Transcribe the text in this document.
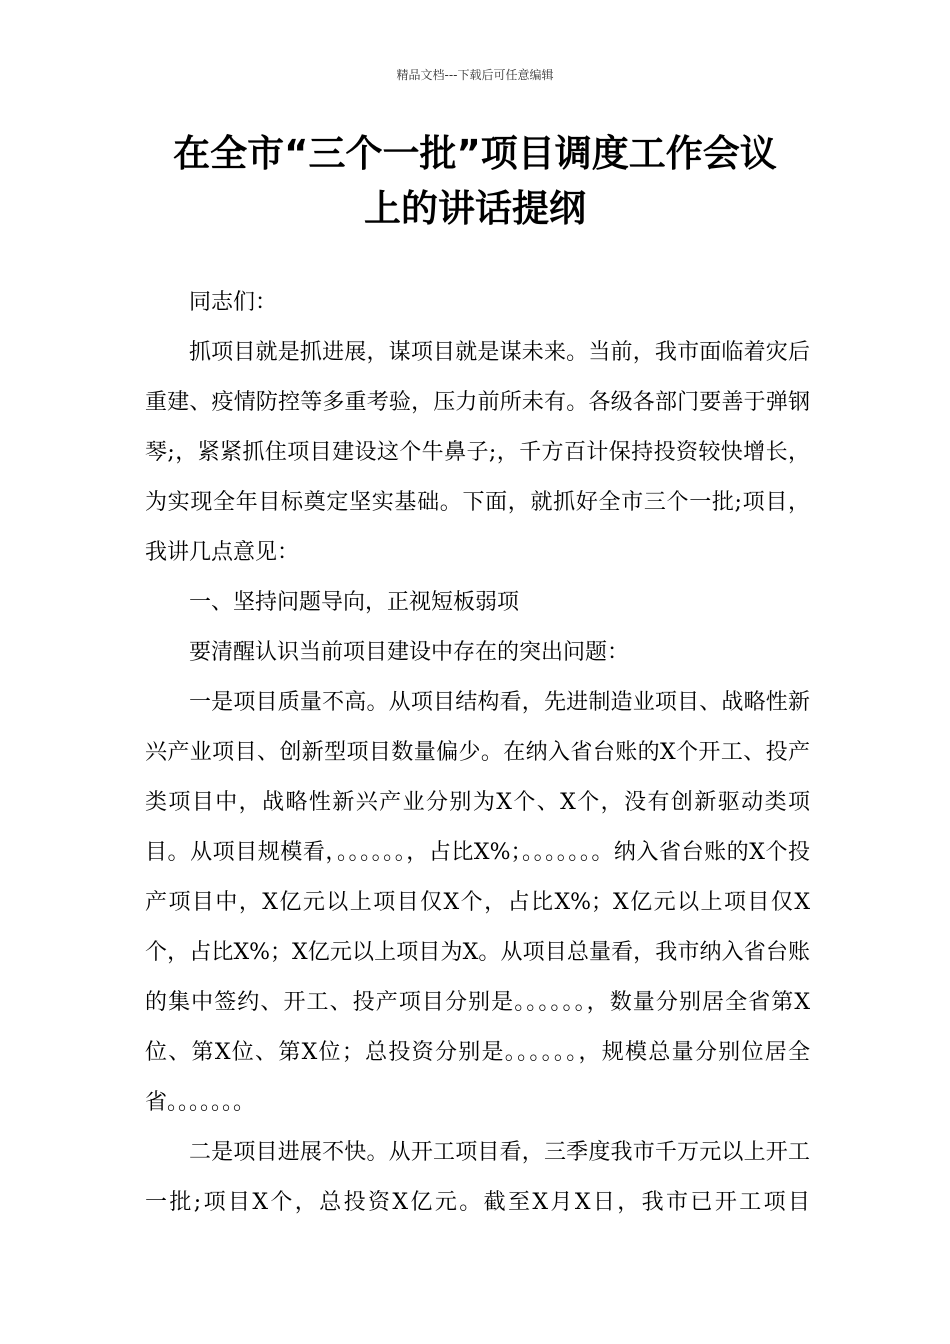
精品文档---下载后可任意编辑
在全市“三个一批”项目调度工作会议
上的讲话提纲

同志们：

抓项目就是抓进展，谋项目就是谋未来。当前，我市面临着灾后重建、疫情防控等多重考验，压力前所未有。各级各部门要善于弹钢琴;，紧紧抓住项目建设这个牛鼻子;，千方百计保持投资较快增长，为实现全年目标奠定坚实基础。下面，就抓好全市三个一批;项目，我讲几点意见：

一、坚持问题导向，正视短板弱项

要清醒认识当前项目建设中存在的突出问题：

一是项目质量不高。从项目结构看，先进制造业项目、战略性新兴产业项目、创新型项目数量偏少。在纳入省台账的X个开工、投产类项目中，战略性新兴产业分别为X个、X个，没有创新驱动类项目。从项目规模看，。。。。。。，占比X%；。。。。。。。纳入省台账的X个投产项目中，X亿元以上项目仅X个，占比X%；X亿元以上项目仅X个，占比X%；X亿元以上项目为X。从项目总量看，我市纳入省台账的集中签约、开工、投产项目分别是。。。。。。，数量分别居全省第X位、第X位、第X位；总投资分别是。。。。。。，规模总量分别位居全省。。。。。。。

二是项目进展不快。从开工项目看，三季度我市千万元以上开工一批;项目X个，总投资X亿元。截至X月X日，我市已开工项目
